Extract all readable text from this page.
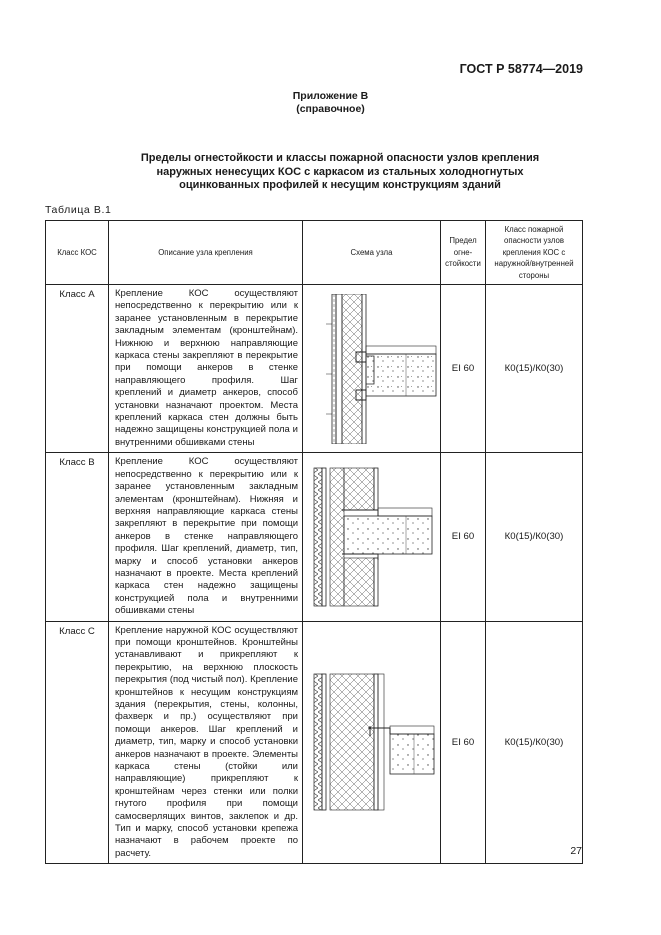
ГОСТ Р 58774—2019
Приложение В
(справочное)
Пределы огнестойкости и классы пожарной опасности узлов крепления
наружных ненесущих КОС с каркасом из стальных холодногнутых
оцинкованных профилей к несущим конструкциям зданий
Таблица В.1
Класс КОС	Описание узла крепления	Схема узла	Предел огне-стойкости	Класс пожарной опасности узлов крепления КОС с наружной/внутренней стороны
Класс А	Крепление КОС осуществляют непосредственно к перекрытию или к заранее установленным в перекрытие закладным элементам (кронштейнам). Нижнюю и верхнюю направляющие каркаса стены закрепляют в перекрытие при помощи анкеров в стенке направляющего профиля. Шаг креплений и диаметр анкеров, способ установки назначают проектом. Места креплений каркаса стен должны быть надежно защищены конструкцией пола и внутренними обшивками стены		EI 60	К0(15)/К0(30)
Класс В	Крепление КОС осуществляют непосредственно к перекрытию или к заранее установленным закладным элементам (кронштейнам). Нижняя и верхняя направляющие каркаса стены закрепляют в перекрытие при помощи анкеров в стенке направляющего профиля. Шаг креплений, диаметр, тип, марку и способ установки анкеров назначают в проекте. Места креплений каркаса стен надежно защищены конструкцией пола и внутренними обшивками стены		EI 60	К0(15)/К0(30)
Класс С	Крепление наружной КОС осуществляют при помощи кронштейнов. Кронштейны устанавливают и прикрепляют к перекрытию, на верхнюю плоскость перекрытия (под чистый пол). Крепление кронштейнов к несущим конструкциям здания (перекрытия, стены, колонны, фахверк и пр.) осуществляют при помощи анкеров. Шаг креплений и диаметр, тип, марку и способ установки анкеров назначают в проекте. Элементы каркаса стены (стойки или направляющие) прикрепляют к кронштейнам через стенки или полки гнутого профиля при помощи самосверлящих винтов, заклепок и др. Тип и марку, способ установки крепежа назначают в рабочем проекте по расчету.		EI 60	К0(15)/К0(30)
27
